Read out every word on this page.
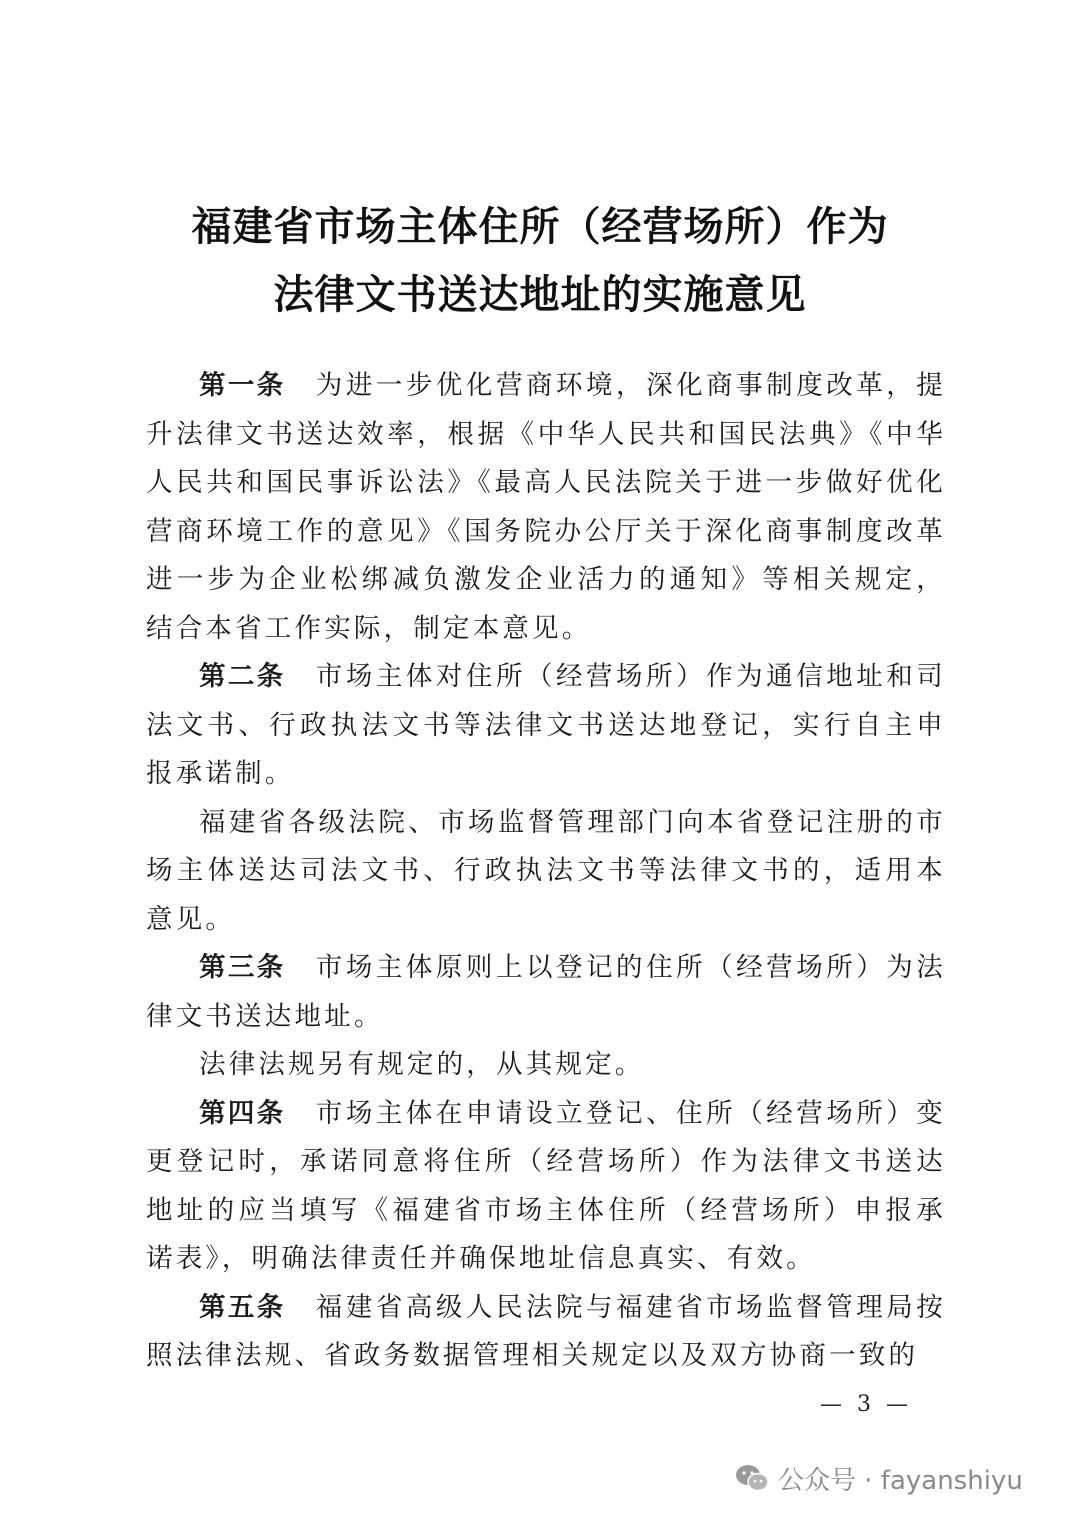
福建省市场主体住所（经营场所）作为
法律文书送达地址的实施意见

第一条 为进一步优化营商环境，深化商事制度改革，提升法律文书送达效率，根据《中华人民共和国民法典》《中华人民共和国民事诉讼法》《最高人民法院关于进一步做好优化营商环境工作的意见》《国务院办公厅关于深化商事制度改革进一步为企业松绑减负激发企业活力的通知》等相关规定，结合本省工作实际，制定本意见。

第二条 市场主体对住所（经营场所）作为通信地址和司法文书、行政执法文书等法律文书送达地登记，实行自主申报承诺制。

福建省各级法院、市场监督管理部门向本省登记注册的市场主体送达司法文书、行政执法文书等法律文书的，适用本意见。

第三条 市场主体原则上以登记的住所（经营场所）为法律文书送达地址。

法律法规另有规定的，从其规定。

第四条 市场主体在申请设立登记、住所（经营场所）变更登记时，承诺同意将住所（经营场所）作为法律文书送达地址的应当填写《福建省市场主体住所（经营场所）申报承诺表》，明确法律责任并确保地址信息真实、有效。

第五条 福建省高级人民法院与福建省市场监督管理局按照法律法规、省政务数据管理相关规定以及双方协商一致的

— 3 —
公众号 · fayanshiyu
